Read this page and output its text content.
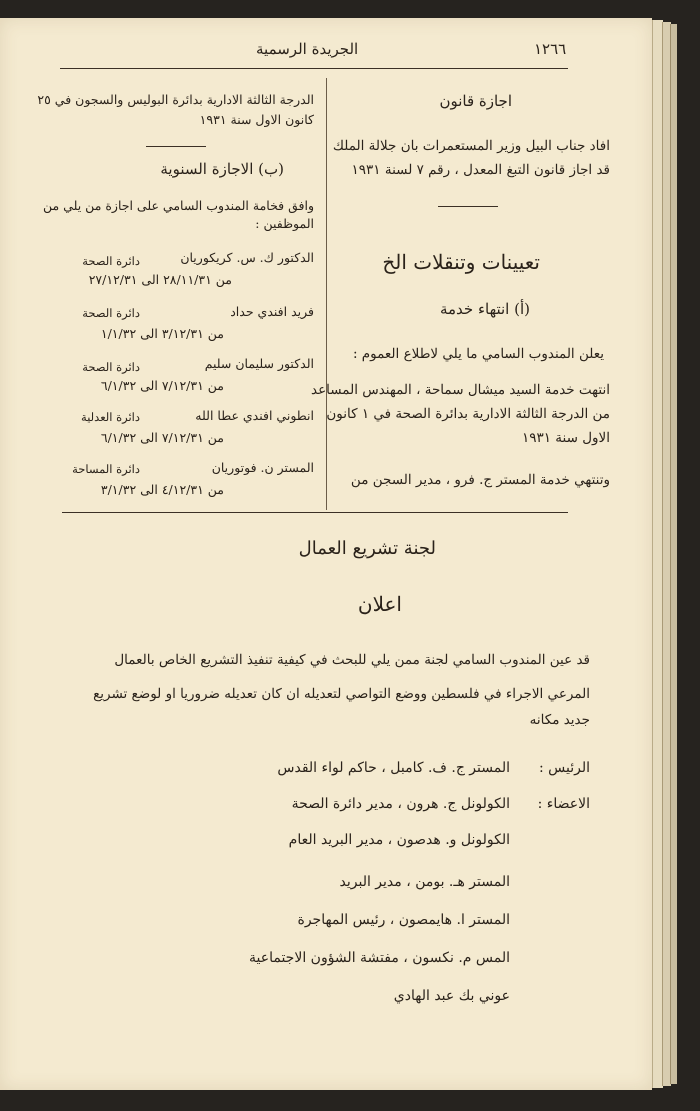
١٢٦٦
الجريدة الرسمية
اجازة قانون
افاد جناب البيل وزير المستعمرات بان جلالة الملك
قد اجاز قانون التبغ المعدل ، رقم ٧ لسنة ١٩٣١
تعيينات وتنقلات الخ
(أ) انتهاء خدمة
يعلن المندوب السامي ما يلي لاطلاع العموم :
انتهت خدمة السيد ميشال سماحة ، المهندس المساعد
من الدرجة الثالثة الادارية بدائرة الصحة في ١ كانون
الاول سنة ١٩٣١
وتنتهي خدمة المستر ج. فرو ، مدير السجن من
الدرجة الثالثة الادارية بدائرة البوليس والسجون في ٢٥
كانون الاول سنة ١٩٣١
(ب) الاجازة السنوية
وافق فخامة المندوب السامي على اجازة من يلي من
الموظفين :
الدكتور ك. س. كريكوريان
دائرة الصحة
من ٢٨/١١/٣١ الى ٢٧/١٢/٣١
فريد افندي حداد
دائرة الصحة
من ٣/١٢/٣١ الى ١/١/٣٢
الدكتور سليمان سليم
دائرة الصحة
من ٧/١٢/٣١ الى ٦/١/٣٢
انطوني افندي عطا الله
دائرة العدلية
من ٧/١٢/٣١ الى ٦/١/٣٢
المستر ن. فوتوريان
دائرة المساحة
من ٤/١٢/٣١ الى ٣/١/٣٢
لجنة تشريع العمال
اعلان
قد عين المندوب السامي لجنة ممن يلي للبحث في كيفية تنفيذ التشريع الخاص بالعمال
المرعي الاجراء في فلسطين ووضع التواصي لتعديله ان كان تعديله ضروريا او لوضع تشريع
جديد مكانه
الرئيس :
المستر ج. ف. كامبل ، حاكم لواء القدس
الاعضاء :
الكولونل ج. هرون ، مدير دائرة الصحة
الكولونل و. هدصون ، مدير البريد العام
المستر هـ. بومن ، مدير البريد
المستر ا. هايمصون ، رئيس المهاجرة
المس م. نكسون ، مفتشة الشؤون الاجتماعية
عوني بك عبد الهادي
